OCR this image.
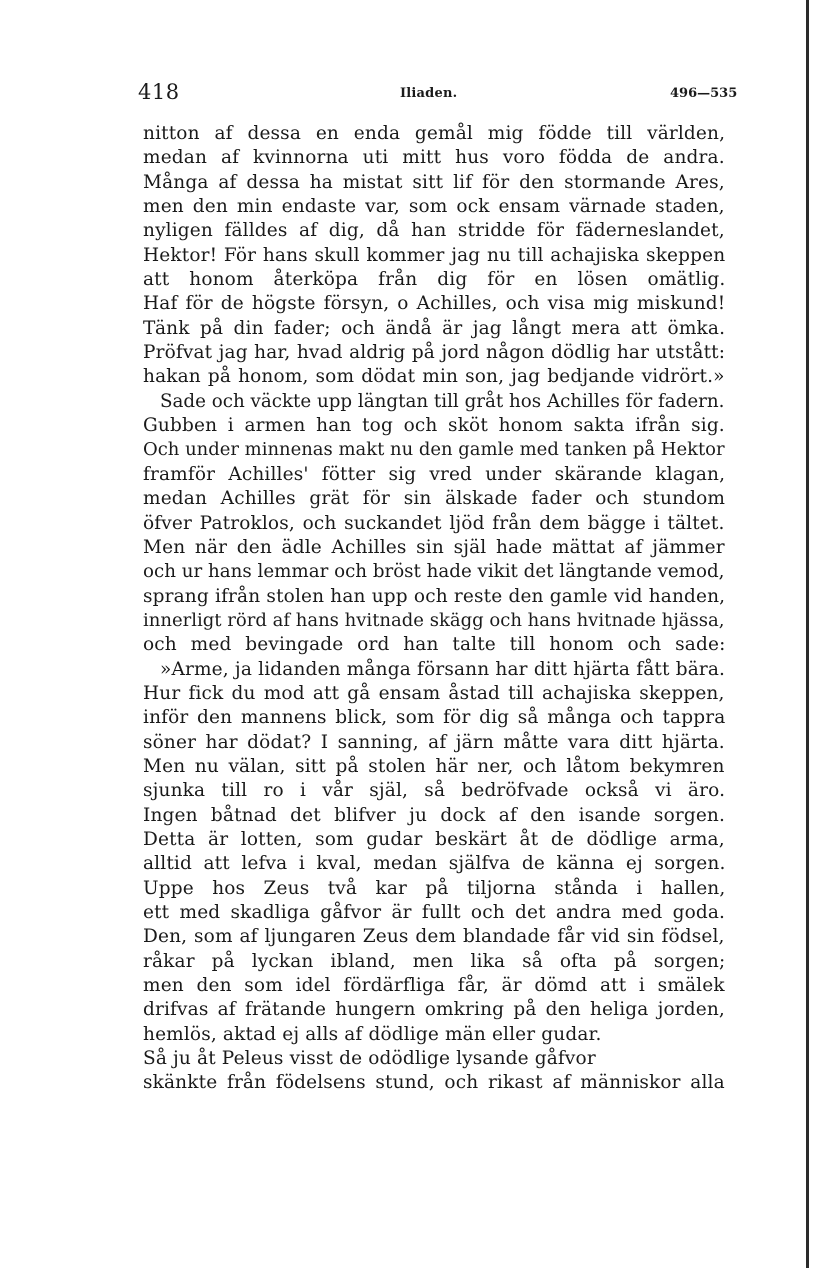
418	Iliaden.	496—535
nitton af dessa en enda gemål mig födde till världen,
medan af kvinnorna uti mitt hus voro födda de andra.
Många af dessa ha mistat sitt lif för den stormande Ares,
men den min endaste var, som ock ensam värnade staden,
nyligen fälldes af dig, då han stridde för fäderneslandet,
Hektor! För hans skull kommer jag nu till achajiska skeppen
att honom återköpa från dig för en lösen omätlig.
Haf för de högste försyn, o Achilles, och visa mig miskund!
Tänk på din fader; och ändå är jag långt mera att ömka.
Pröfvat jag har, hvad aldrig på jord någon dödlig har utstått:
hakan på honom, som dödat min son, jag bedjande vidrört.»
Sade och väckte upp längtan till gråt hos Achilles för fadern.
Gubben i armen han tog och sköt honom sakta ifrån sig.
Och under minnenas makt nu den gamle med tanken på Hektor
framför Achilles' fötter sig vred under skärande klagan,
medan Achilles grät för sin älskade fader och stundom
öfver Patroklos, och suckandet ljöd från dem bägge i tältet.
Men när den ädle Achilles sin själ hade mättat af jämmer
och ur hans lemmar och bröst hade vikit det längtande vemod,
sprang ifrån stolen han upp och reste den gamle vid handen,
innerligt rörd af hans hvitnade skägg och hans hvitnade hjässa,
och med bevingade ord han talte till honom och sade:
»Arme, ja lidanden många försann har ditt hjärta fått bära.
Hur fick du mod att gå ensam åstad till achajiska skeppen,
inför den mannens blick, som för dig så många och tappra
söner har dödat? I sanning, af järn måtte vara ditt hjärta.
Men nu välan, sitt på stolen här ner, och låtom bekymren
sjunka till ro i vår själ, så bedröfvade också vi äro.
Ingen båtnad det blifver ju dock af den isande sorgen.
Detta är lotten, som gudar beskärt åt de dödlige arma,
alltid att lefva i kval, medan själfva de känna ej sorgen.
Uppe hos Zeus två kar på tiljorna stånda i hallen,
ett med skadliga gåfvor är fullt och det andra med goda.
Den, som af ljungaren Zeus dem blandade får vid sin födsel,
råkar på lyckan ibland, men lika så ofta på sorgen;
men den som idel fördärfliga får, är dömd att i smälek
drifvas af frätande hungern omkring på den heliga jorden,
hemlös, aktad ej alls af dödlige män eller gudar.
Så ju åt Peleus visst de odödlige lysande gåfvor
skänkte från födelsens stund, och rikast af människor alla
